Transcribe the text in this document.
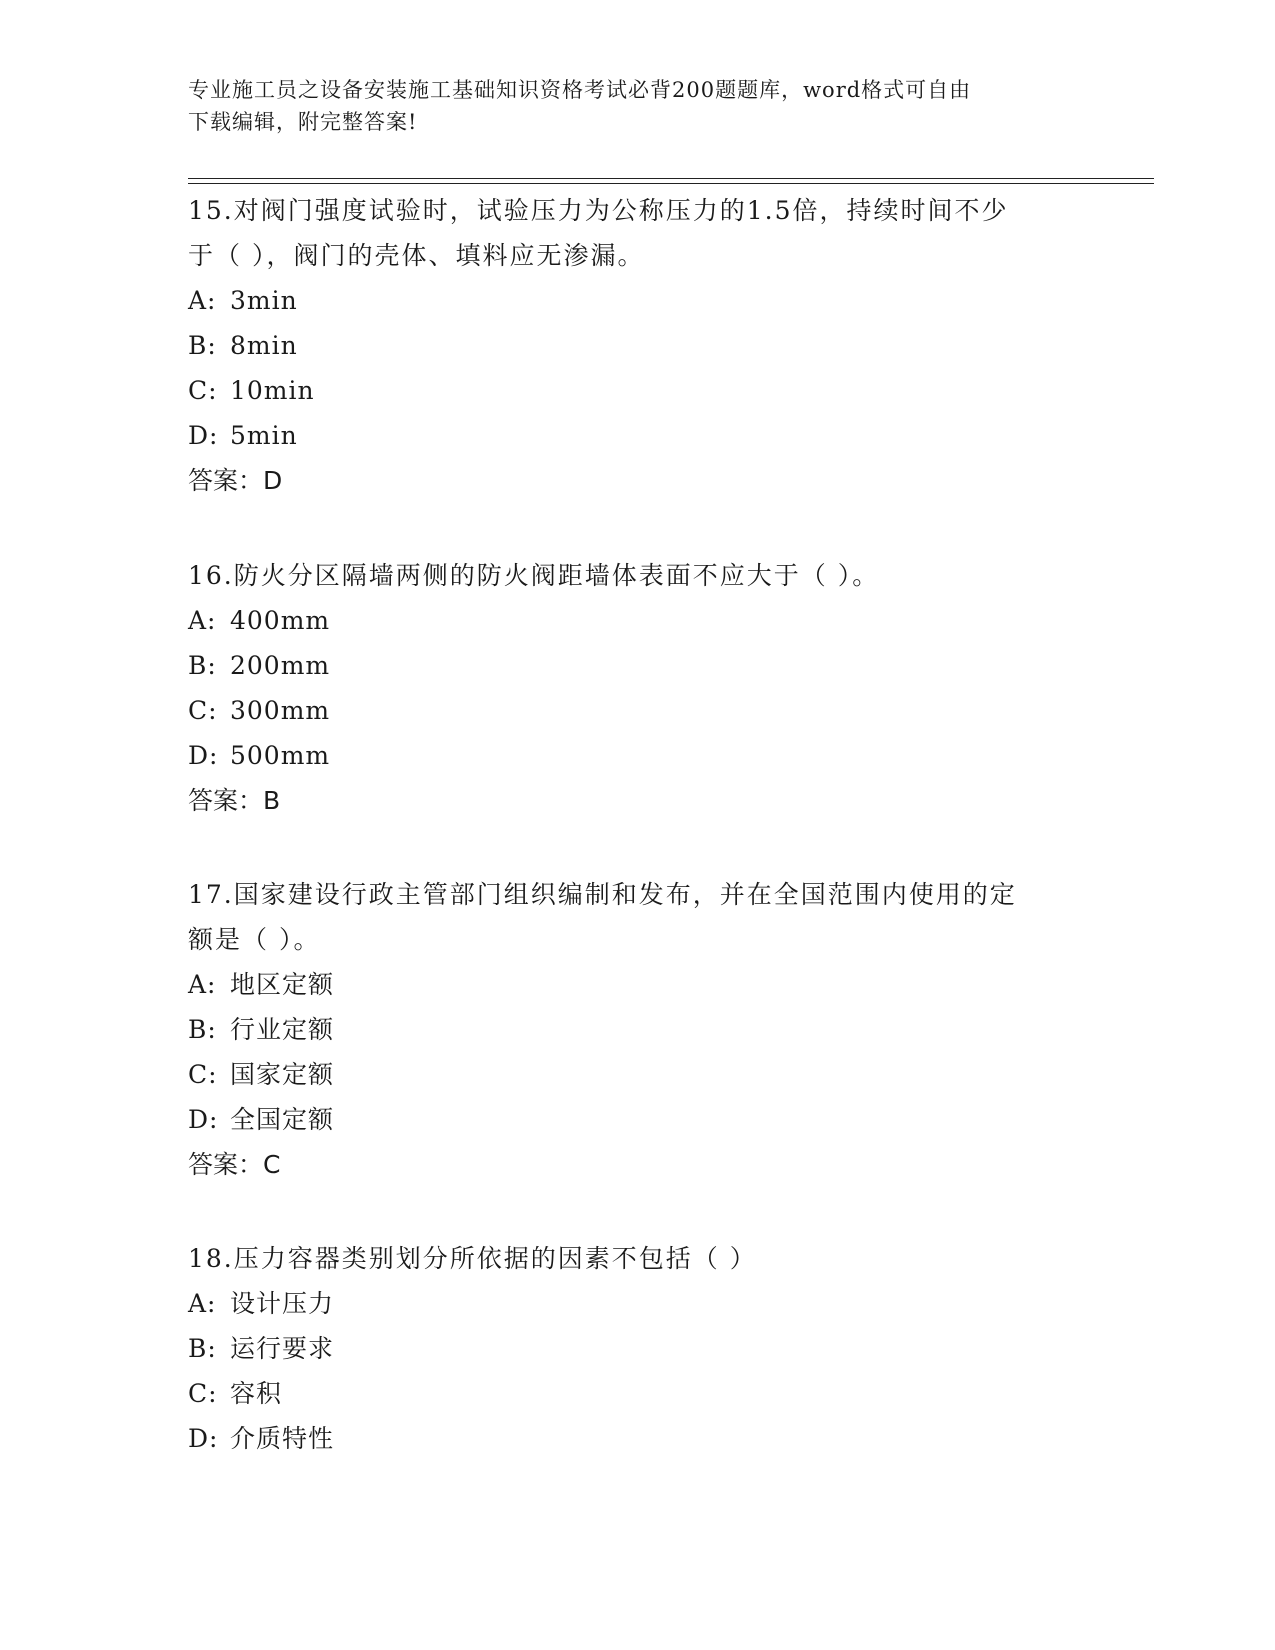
专业施工员之设备安装施工基础知识资格考试必背200题题库，word格式可自由
下载编辑，附完整答案!

15.对阀门强度试验时，试验压力为公称压力的1.5倍，持续时间不少
于（ ），阀门的壳体、填料应无渗漏。

A: 3min

B: 8min

C: 10min

D: 5min

答案：D

16.防火分区隔墙两侧的防火阀距墙体表面不应大于（ ）。

A: 400mm

B: 200mm

C: 300mm

D: 500mm

答案：B

17.国家建设行政主管部门组织编制和发布，并在全国范围内使用的定
额是（ ）。

A: 地区定额

B: 行业定额

C: 国家定额

D: 全国定额

答案：C

18.压力容器类别划分所依据的因素不包括（ ）

A: 设计压力

B: 运行要求

C: 容积

D: 介质特性
